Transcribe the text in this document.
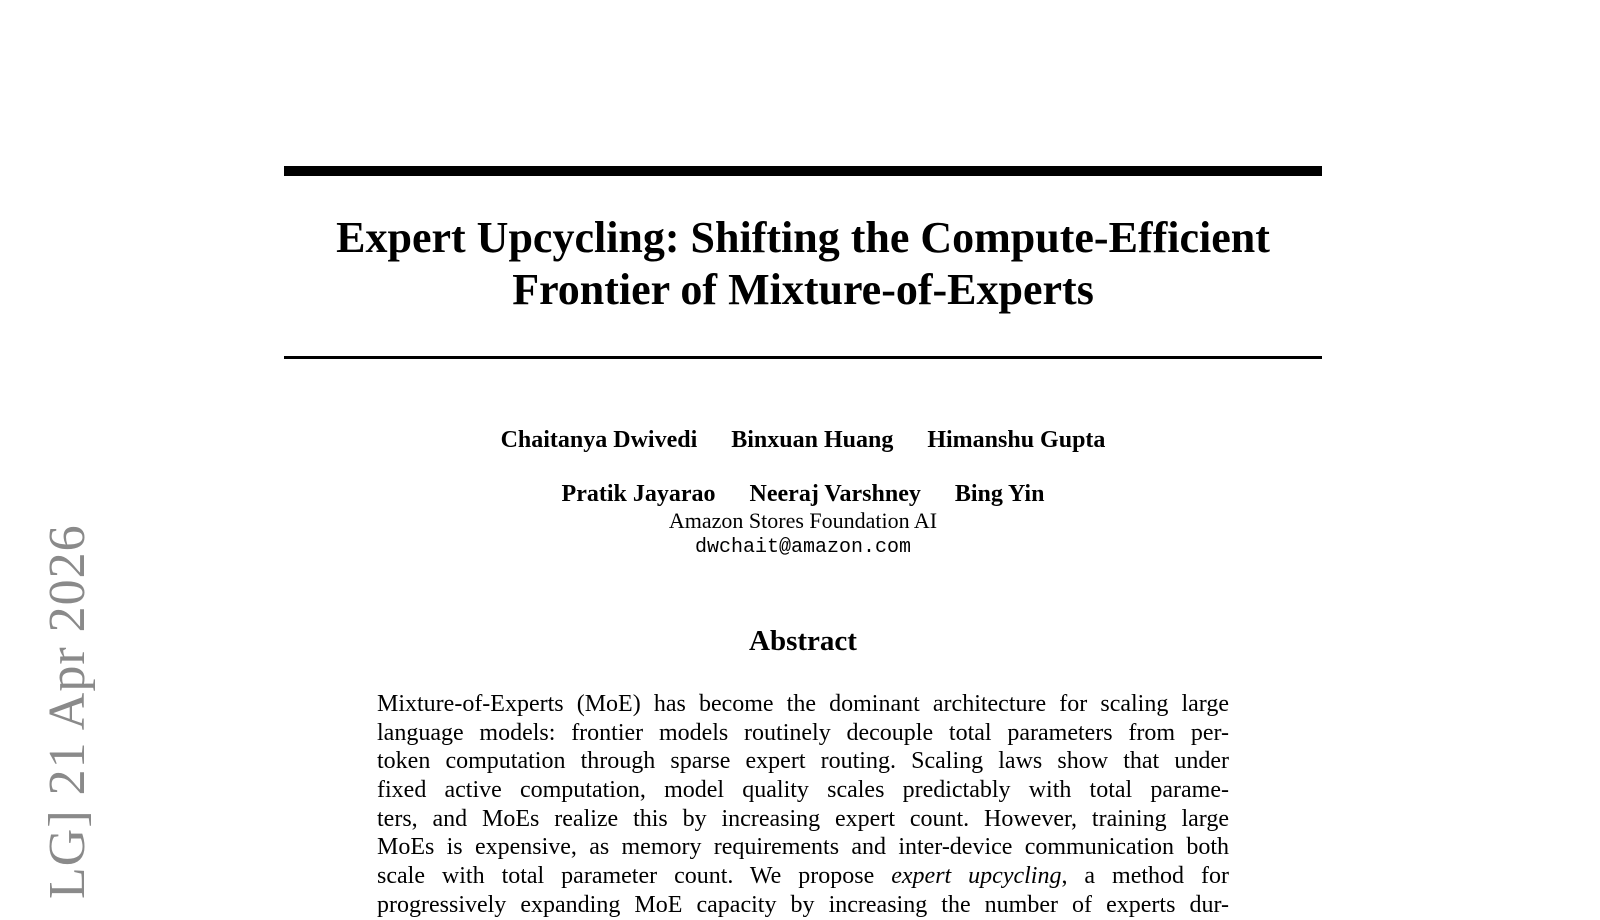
Expert Upcycling: Shifting the Compute-Efficient
Frontier of Mixture-of-Experts
Chaitanya Dwivedi Binxuan Huang Himanshu Gupta
Pratik Jayarao Neeraj Varshney Bing Yin
Amazon Stores Foundation AI
dwchait@amazon.com
Abstract
Mixture-of-Experts (MoE) has become the dominant architecture for scaling large
language models: frontier models routinely decouple total parameters from per-
token computation through sparse expert routing. Scaling laws show that under
fixed active computation, model quality scales predictably with total parame-
ters, and MoEs realize this by increasing expert count. However, training large
MoEs is expensive, as memory requirements and inter-device communication both
scale with total parameter count. We propose expert upcycling, a method for
progressively expanding MoE capacity by increasing the number of experts dur-
LG] 21 Apr 2026
